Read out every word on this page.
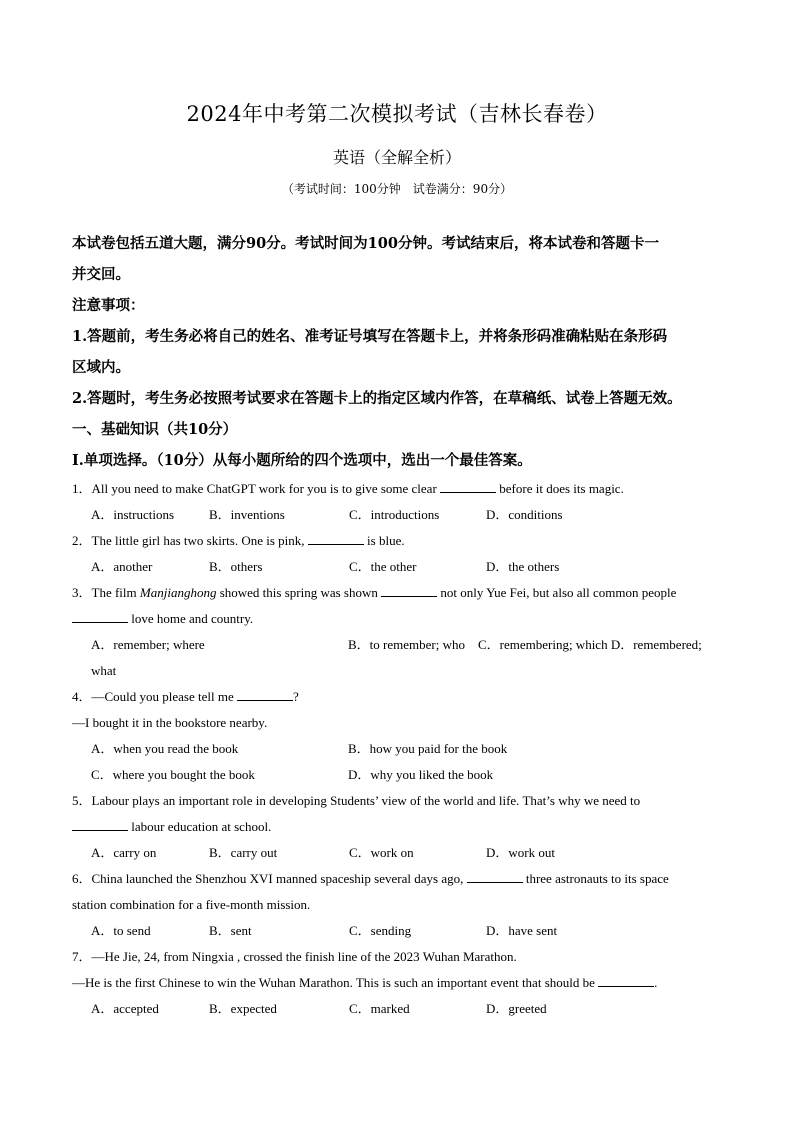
2024年中考第二次模拟考试（吉林长春卷）
英语（全解全析）
（考试时间：100分钟　试卷满分：90分）

本试卷包括五道大题，满分90分。考试时间为100分钟。考试结束后，将本试卷和答题卡一

并交回。

注意事项：

1.答题前，考生务必将自己的姓名、准考证号填写在答题卡上，并将条形码准确粘贴在条形码

区域内。

2.答题时，考生务必按照考试要求在答题卡上的指定区域内作答，在草稿纸、试卷上答题无效。

一、基础知识（共10分）

I.单项选择。（10分）从每小题所给的四个选项中，选出一个最佳答案。

1．All you need to make ChatGPT work for you is to give some clear	before it does its magic.

A．instructions	B．inventions	C．introductions	D．conditions

2．The little girl has two skirts. One is pink,	is blue.

A．another	B．others	C．the other	D．the others

3．The film Manjianghong showed this spring was shown	not only Yue Fei, but also all common people

love home and country.

A．remember; where	B．to remember; who　C．remembering; which D．remembered;

what

4．—Could you please tell me	?

—I bought it in the bookstore nearby.

A．when you read the book	B．how you paid for the book
C．where you bought the book	D．why you liked the book

5．Labour plays an important role in developing Students’ view of the world and life. That’s why we need to

labour education at school.

A．carry on	B．carry out	C．work on	D．work out

6．China launched the Shenzhou XVI manned spaceship several days ago,	three astronauts to its space

station combination for a five-month mission.

A．to send	B．sent	C．sending	D．have sent

7．—He Jie, 24, from Ningxia , crossed the finish line of the 2023 Wuhan Marathon.

—He is the first Chinese to win the Wuhan Marathon. This is such an important event that should be	.

A．accepted	B．expected	C．marked	D．greeted
